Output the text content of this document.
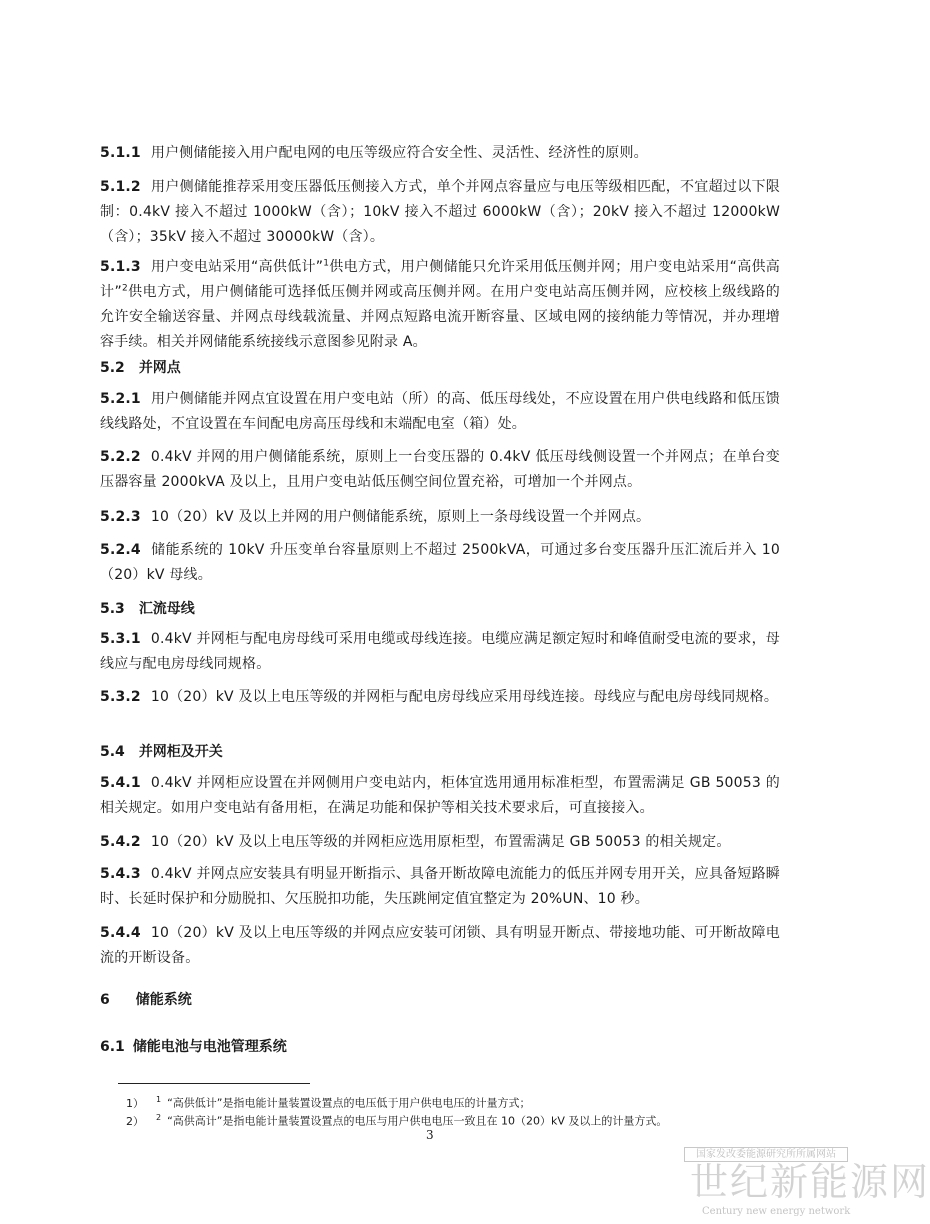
5.1.1 用户侧储能接入用户配电网的电压等级应符合安全性、灵活性、经济性的原则。
5.1.2 用户侧储能推荐采用变压器低压侧接入方式，单个并网点容量应与电压等级相匹配，不宜超过以下限制：0.4kV 接入不超过 1000kW（含）；10kV 接入不超过 6000kW（含）；20kV 接入不超过 12000kW（含）；35kV 接入不超过 30000kW（含）。
5.1.3 用户变电站采用“高供低计”$^1$供电方式，用户侧储能只允许采用低压侧并网；用户变电站采用“高供高计”$^2$供电方式，用户侧储能可选择低压侧并网或高压侧并网。在用户变电站高压侧并网，应校核上级线路的允许安全输送容量、并网点母线载流量、并网点短路电流开断容量、区域电网的接纳能力等情况，并办理增容手续。相关并网储能系统接线示意图参见附录 A。
5.2 并网点
5.2.1 用户侧储能并网点宜设置在用户变电站（所）的高、低压母线处，不应设置在用户供电线路和低压馈线线路处，不宜设置在车间配电房高压母线和末端配电室（箱）处。
5.2.2 0.4kV 并网的用户侧储能系统，原则上一台变压器的 0.4kV 低压母线侧设置一个并网点；在单台变压器容量 2000kVA 及以上，且用户变电站低压侧空间位置充裕，可增加一个并网点。
5.2.3 10（20）kV 及以上并网的用户侧储能系统，原则上一条母线设置一个并网点。
5.2.4 储能系统的 10kV 升压变单台容量原则上不超过 2500kVA，可通过多台变压器升压汇流后并入 10（20）kV 母线。
5.3 汇流母线
5.3.1 0.4kV 并网柜与配电房母线可采用电缆或母线连接。电缆应满足额定短时和峰值耐受电流的要求，母线应与配电房母线同规格。
5.3.2 10（20）kV 及以上电压等级的并网柜与配电房母线应采用母线连接。母线应与配电房母线同规格。
5.4 并网柜及开关
5.4.1 0.4kV 并网柜应设置在并网侧用户变电站内，柜体宜选用通用标准柜型，布置需满足 GB 50053 的相关规定。如用户变电站有备用柜，在满足功能和保护等相关技术要求后，可直接接入。
5.4.2 10（20）kV 及以上电压等级的并网柜应选用原柜型，布置需满足 GB 50053 的相关规定。
5.4.3 0.4kV 并网点应安装具有明显开断指示、具备开断故障电流能力的低压并网专用开关，应具备短路瞬时、长延时保护和分励脱扣、欠压脱扣功能，失压跳闸定值宜整定为 20%UN、10 秒。
5.4.4 10（20）kV 及以上电压等级的并网点应安装可闭锁、具有明显开断点、带接地功能、可开断故障电流的开断设备。
6 储能系统
6.1 储能电池与电池管理系统
1） $^1$ “高供低计”是指电能计量装置设置点的电压低于用户供电电压的计量方式；
2） $^2$ “高供高计”是指电能计量装置设置点的电压与用户供电电压一致且在 10（20）kV 及以上的计量方式。
3
国家发改委能源研究所所属网站
世纪新能源网
Century new energy network
